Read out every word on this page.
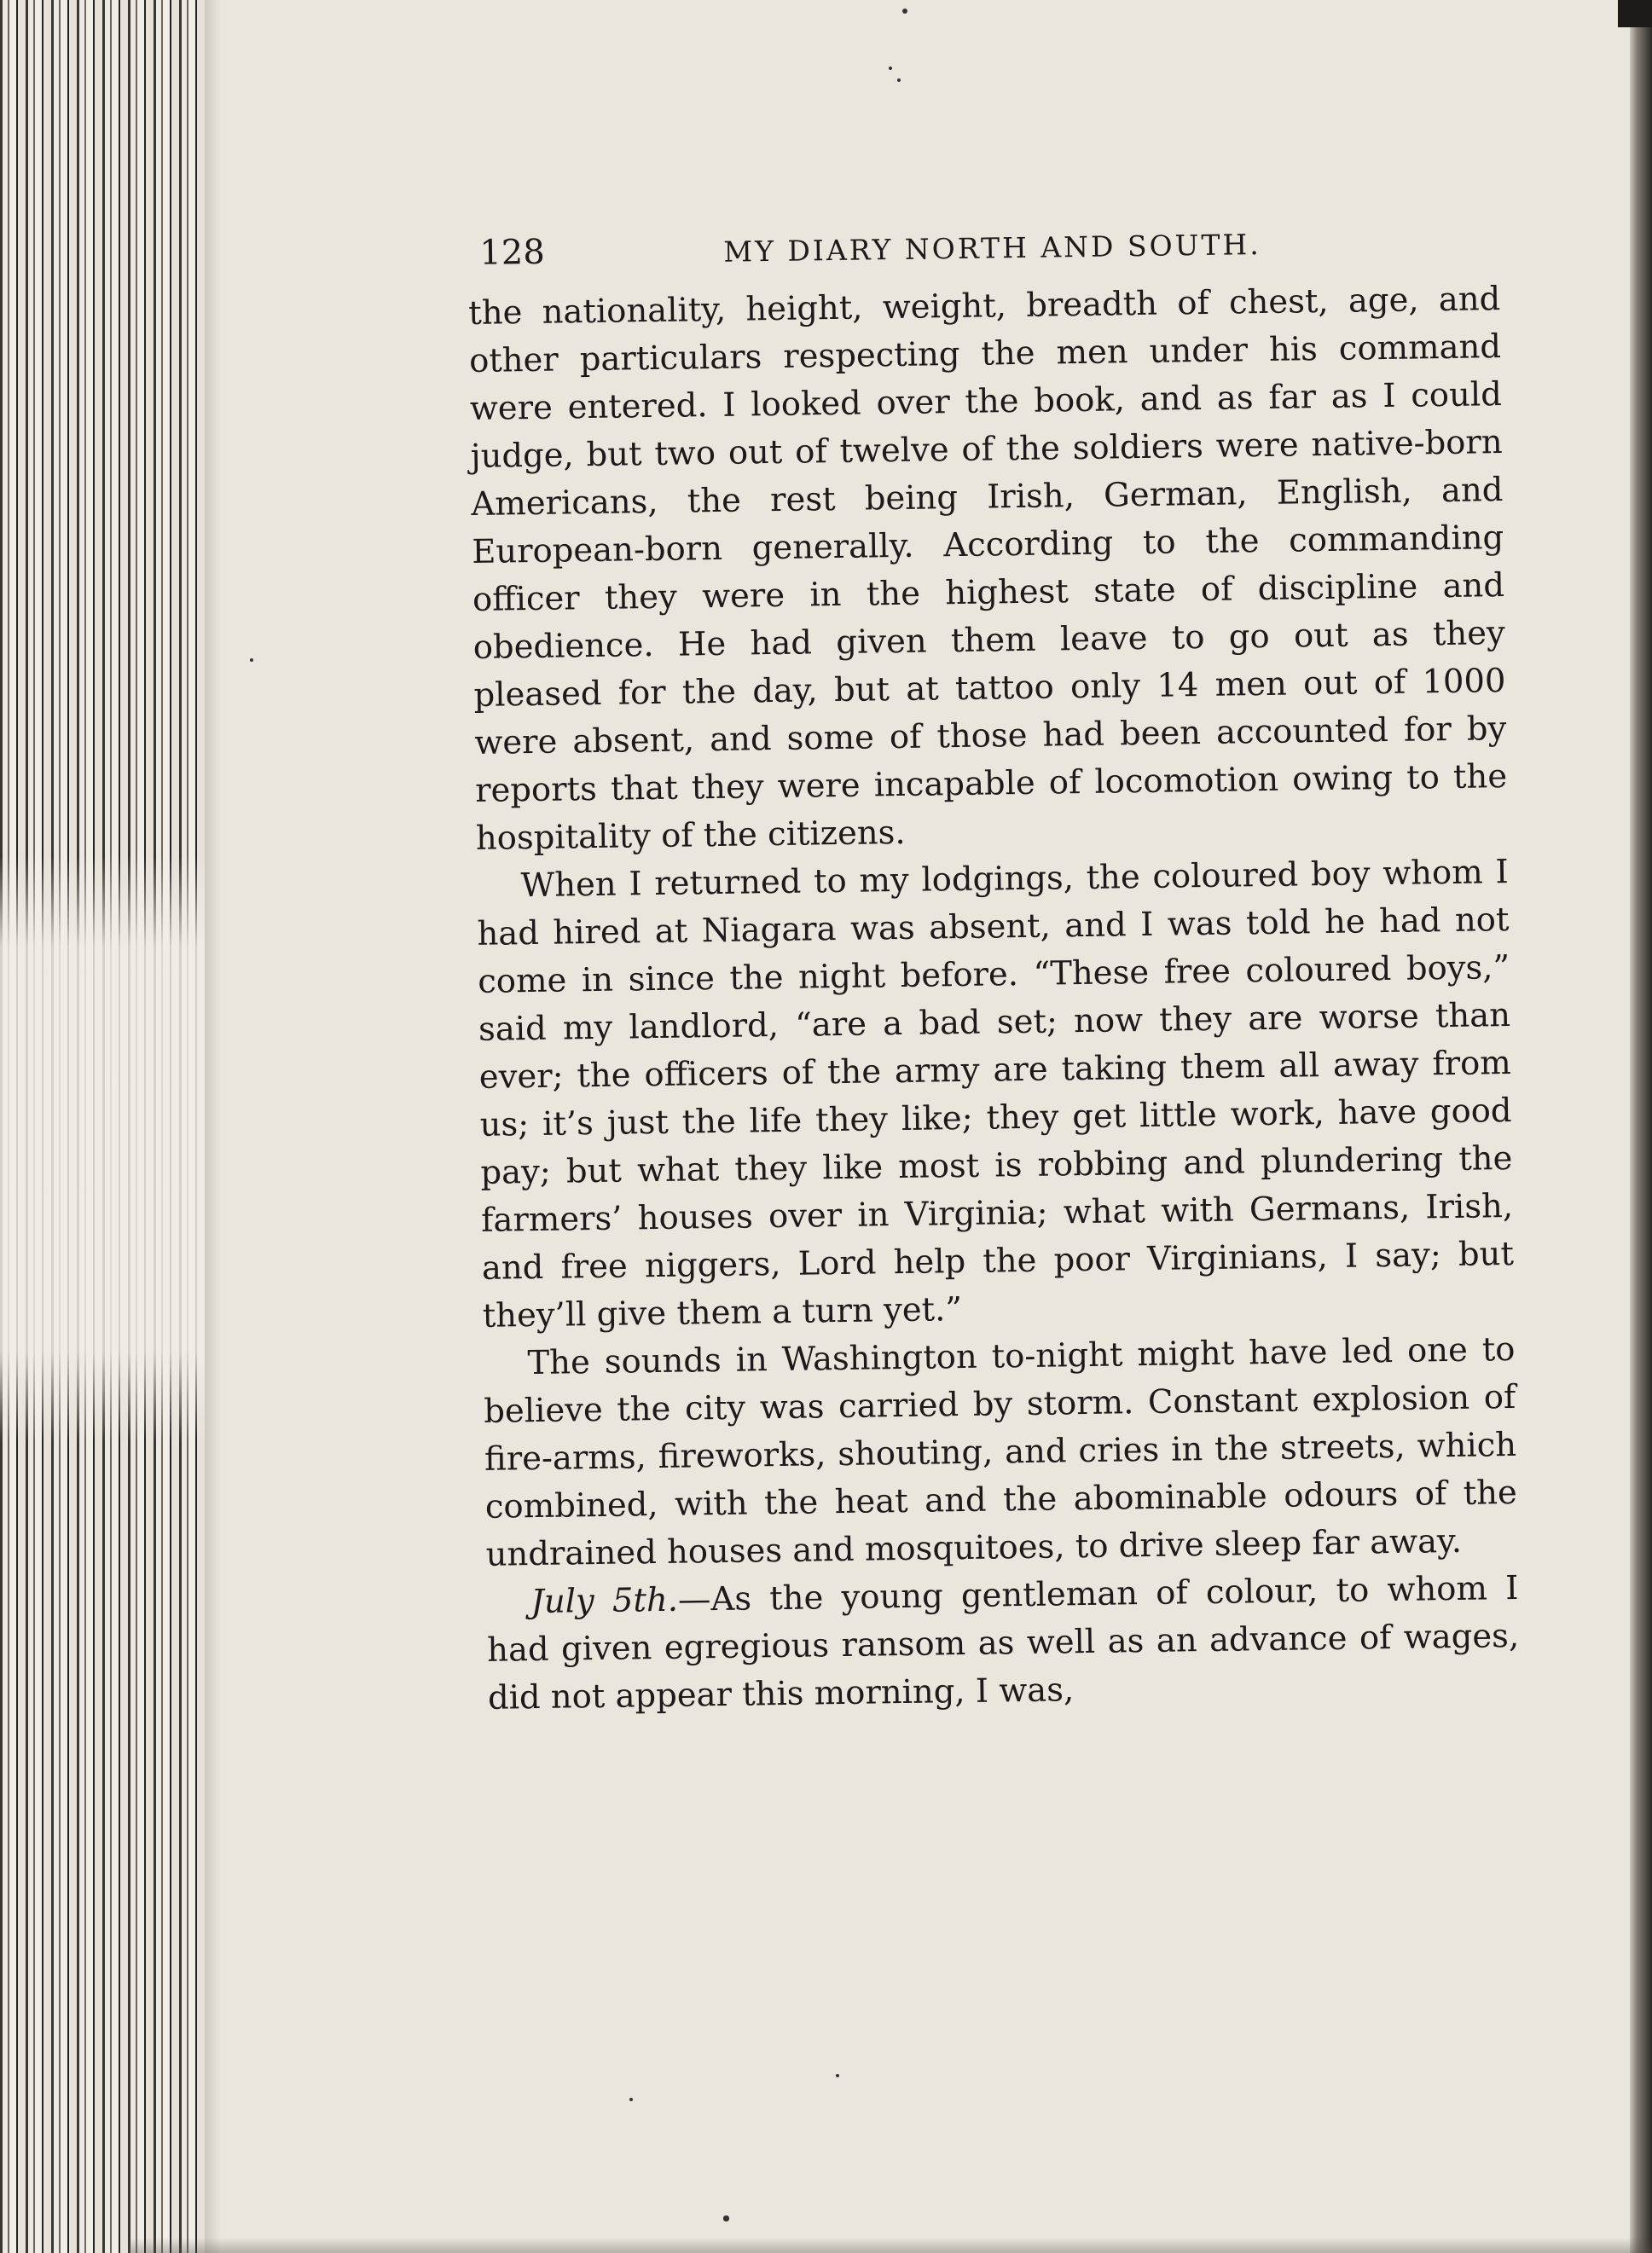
128	MY DIARY NORTH AND SOUTH.

the nationality, height, weight, breadth of chest, age, and other particulars respecting the men under his command were entered. I looked over the book, and as far as I could judge, but two out of twelve of the soldiers were native-born Americans, the rest being Irish, German, English, and European-born generally. According to the commanding officer they were in the highest state of discipline and obedience. He had given them leave to go out as they pleased for the day, but at tattoo only 14 men out of 1000 were absent, and some of those had been accounted for by reports that they were incapable of locomotion owing to the hospitality of the citizens.

When I returned to my lodgings, the coloured boy whom I had hired at Niagara was absent, and I was told he had not come in since the night before. “These free coloured boys,” said my landlord, “are a bad set; now they are worse than ever; the officers of the army are taking them all away from us; it’s just the life they like; they get little work, have good pay; but what they like most is robbing and plundering the farmers’ houses over in Virginia; what with Germans, Irish, and free niggers, Lord help the poor Virginians, I say; but they’ll give them a turn yet.”

The sounds in Washington to-night might have led one to believe the city was carried by storm. Constant explosion of fire-arms, fireworks, shouting, and cries in the streets, which combined, with the heat and the abominable odours of the undrained houses and mosquitoes, to drive sleep far away.

July 5th.—As the young gentleman of colour, to whom I had given egregious ransom as well as an advance of wages, did not appear this morning, I was,
